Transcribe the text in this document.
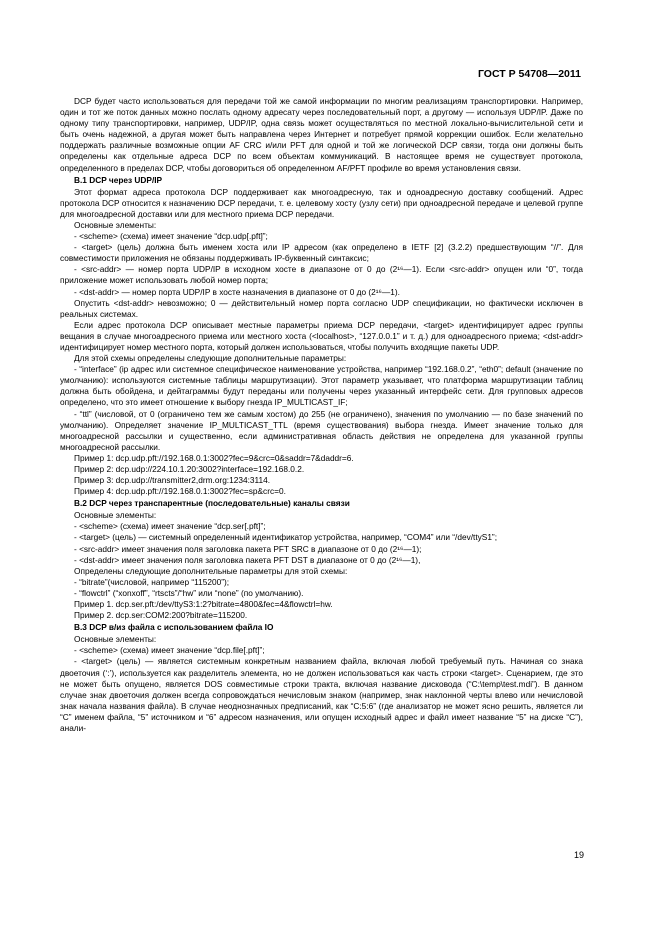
ГОСТ Р 54708—2011

DCP будет часто использоваться для передачи той же самой информации по многим реализациям транспортировки. Например, один и тот же поток данных можно послать одному адресату через последовательный порт, а другому — используя UDP/IP. Даже по одному типу транспортировки, например, UDP/IP, одна связь может осуществляться по местной локально-вычислительной сети и быть очень надежной, а другая может быть направлена через Интернет и потребует прямой коррекции ошибок. Если желательно поддержать различные возможные опции AF CRC и/или PFT для одной и той же логической DCP связи, тогда они должны быть определены как отдельные адреса DCP по всем объектам коммуникаций. В настоящее время не существует протокола, определенного в пределах DCP, чтобы договориться об определенном AF/PFT профиле во время установления связи.

В.1 DCP через UDP/IP

Этот формат адреса протокола DCP поддерживает как многоадресную, так и одноадресную доставку сообщений. Адрес протокола DCP относится к назначению DCP передачи, т. е. целевому хосту (узлу сети) при одноадресной передаче и целевой группе для многоадресной доставки или для местного приема DCP передачи.

Основные элементы:

- <scheme> (схема) имеет значение “dcp.udp[.pft]”;

- <target> (цель) должна быть именем хоста или IP адресом (как определено в IETF [2] (3.2.2) предшествующим “//”. Для совместимости приложения не обязаны поддерживать IP-буквенный синтаксис;

- <src-addr> — номер порта UDP/IP в исходном хосте в диапазоне от 0 до (2¹⁶—1). Если <src-addr> опущен или “0”, тогда приложение может использовать любой номер порта;

- <dst-addr> — номер порта UDP/IP в хосте назначения в диапазоне от 0 до (2¹⁶—1).

Опустить <dst-addr> невозможно; 0 — действительный номер порта согласно UDP спецификации, но фактически исключен в реальных системах.

Если адрес протокола DCP описывает местные параметры приема DCP передачи, <target> идентифицирует адрес группы вещания в случае многоадресного приема или местного хоста (<localhost>, “127.0.0.1” и т. д.) для одноадресного приема; <dst-addr> идентифицирует номер местного порта, который должен использоваться, чтобы получить входящие пакеты UDP.

Для этой схемы определены следующие дополнительные параметры:

- “interface” (ip адрес или системное специфическое наименование устройства, например “192.168.0.2”, “eth0”; default (значение по умолчанию): используются системные таблицы маршрутизации). Этот параметр указывает, что платформа маршрутизации таблиц должна быть обойдена, и дейтаграммы будут переданы или получены через указанный интерфейс сети. Для групповых адресов определено, что это имеет отношение к выбору гнезда IP_MULTICAST_IF;

- “ttl” (числовой, от 0 (ограничено тем же самым хостом) до 255 (не ограничено), значения по умолчанию — по базе значений по умолчанию). Определяет значение IP_MULTICAST_TTL (время существования) выбора гнезда. Имеет значение только для многоадресной рассылки и существенно, если административная область действия не определена для указанной группы многоадресной рассылки.

Пример 1: dcp.udp.pft://192.168.0.1:3002?fec=9&crc=0&saddr=7&daddr=6.

Пример 2: dcp.udp://224.10.1.20:3002?interface=192.168.0.2.

Пример 3: dcp.udp://transmitter2,drm.org:1234:3114.

Пример 4: dcp.udp.pft://192.168.0.1:3002?fec=sp&crc=0.

В.2 DCP через транспарентные (последовательные) каналы связи

Основные элементы:

- <scheme> (схема) имеет значение “dcp.ser[.pft]”;

- <target> (цель) — системный определенный идентификатор устройства, например, “COM4” или “/dev/ttyS1”;

- <src-addr> имеет значения поля заголовка пакета PFT SRC в диапазоне от 0 до (2¹⁶—1);

- <dst-addr> имеет значения поля заголовка пакета PFT DST в диапазоне от 0 до (2¹⁶—1),

Определены следующие дополнительные параметры для этой схемы:

- “bitrate”(числовой, например “115200”);

- “flowctrl” (“xonxoff”, “rtscts”/“hw” или “none” (по умолчанию).

Пример 1. dcp.ser.pft:/dev/ttyS3:1:2?bitrate=4800&fec=4&flowctrl=hw.

Пример 2. dcp.ser:COM2:200?bitrate=115200.

В.3 DCP в/из файла с использованием файла IO

Основные элементы:

- <scheme> (схема) имеет значение “dcp.file[.pft]”;

- <target> (цель) — является системным конкретным названием файла, включая любой требуемый путь. Начиная со знака двоеточия (‘:’), используется как разделитель элемента, но не должен использоваться как часть строки <target>. Сценарием, где это не может быть опущено, является DOS совместимые строки тракта, включая название дисковода (“C:\temp\test.mdi”). В данном случае знак двоеточия должен всегда сопровождаться нечисловым знаком (например, знак наклонной черты влево или нечисловой знак начала названия файла). В случае неоднозначных предписаний, как “C:5:6” (где анализатор не может ясно решить, является ли “C” именем файла, “5” источником и “6” адресом назначения, или опущен исходный адрес и файл имеет название “5” на диске “C”), анали-

19
